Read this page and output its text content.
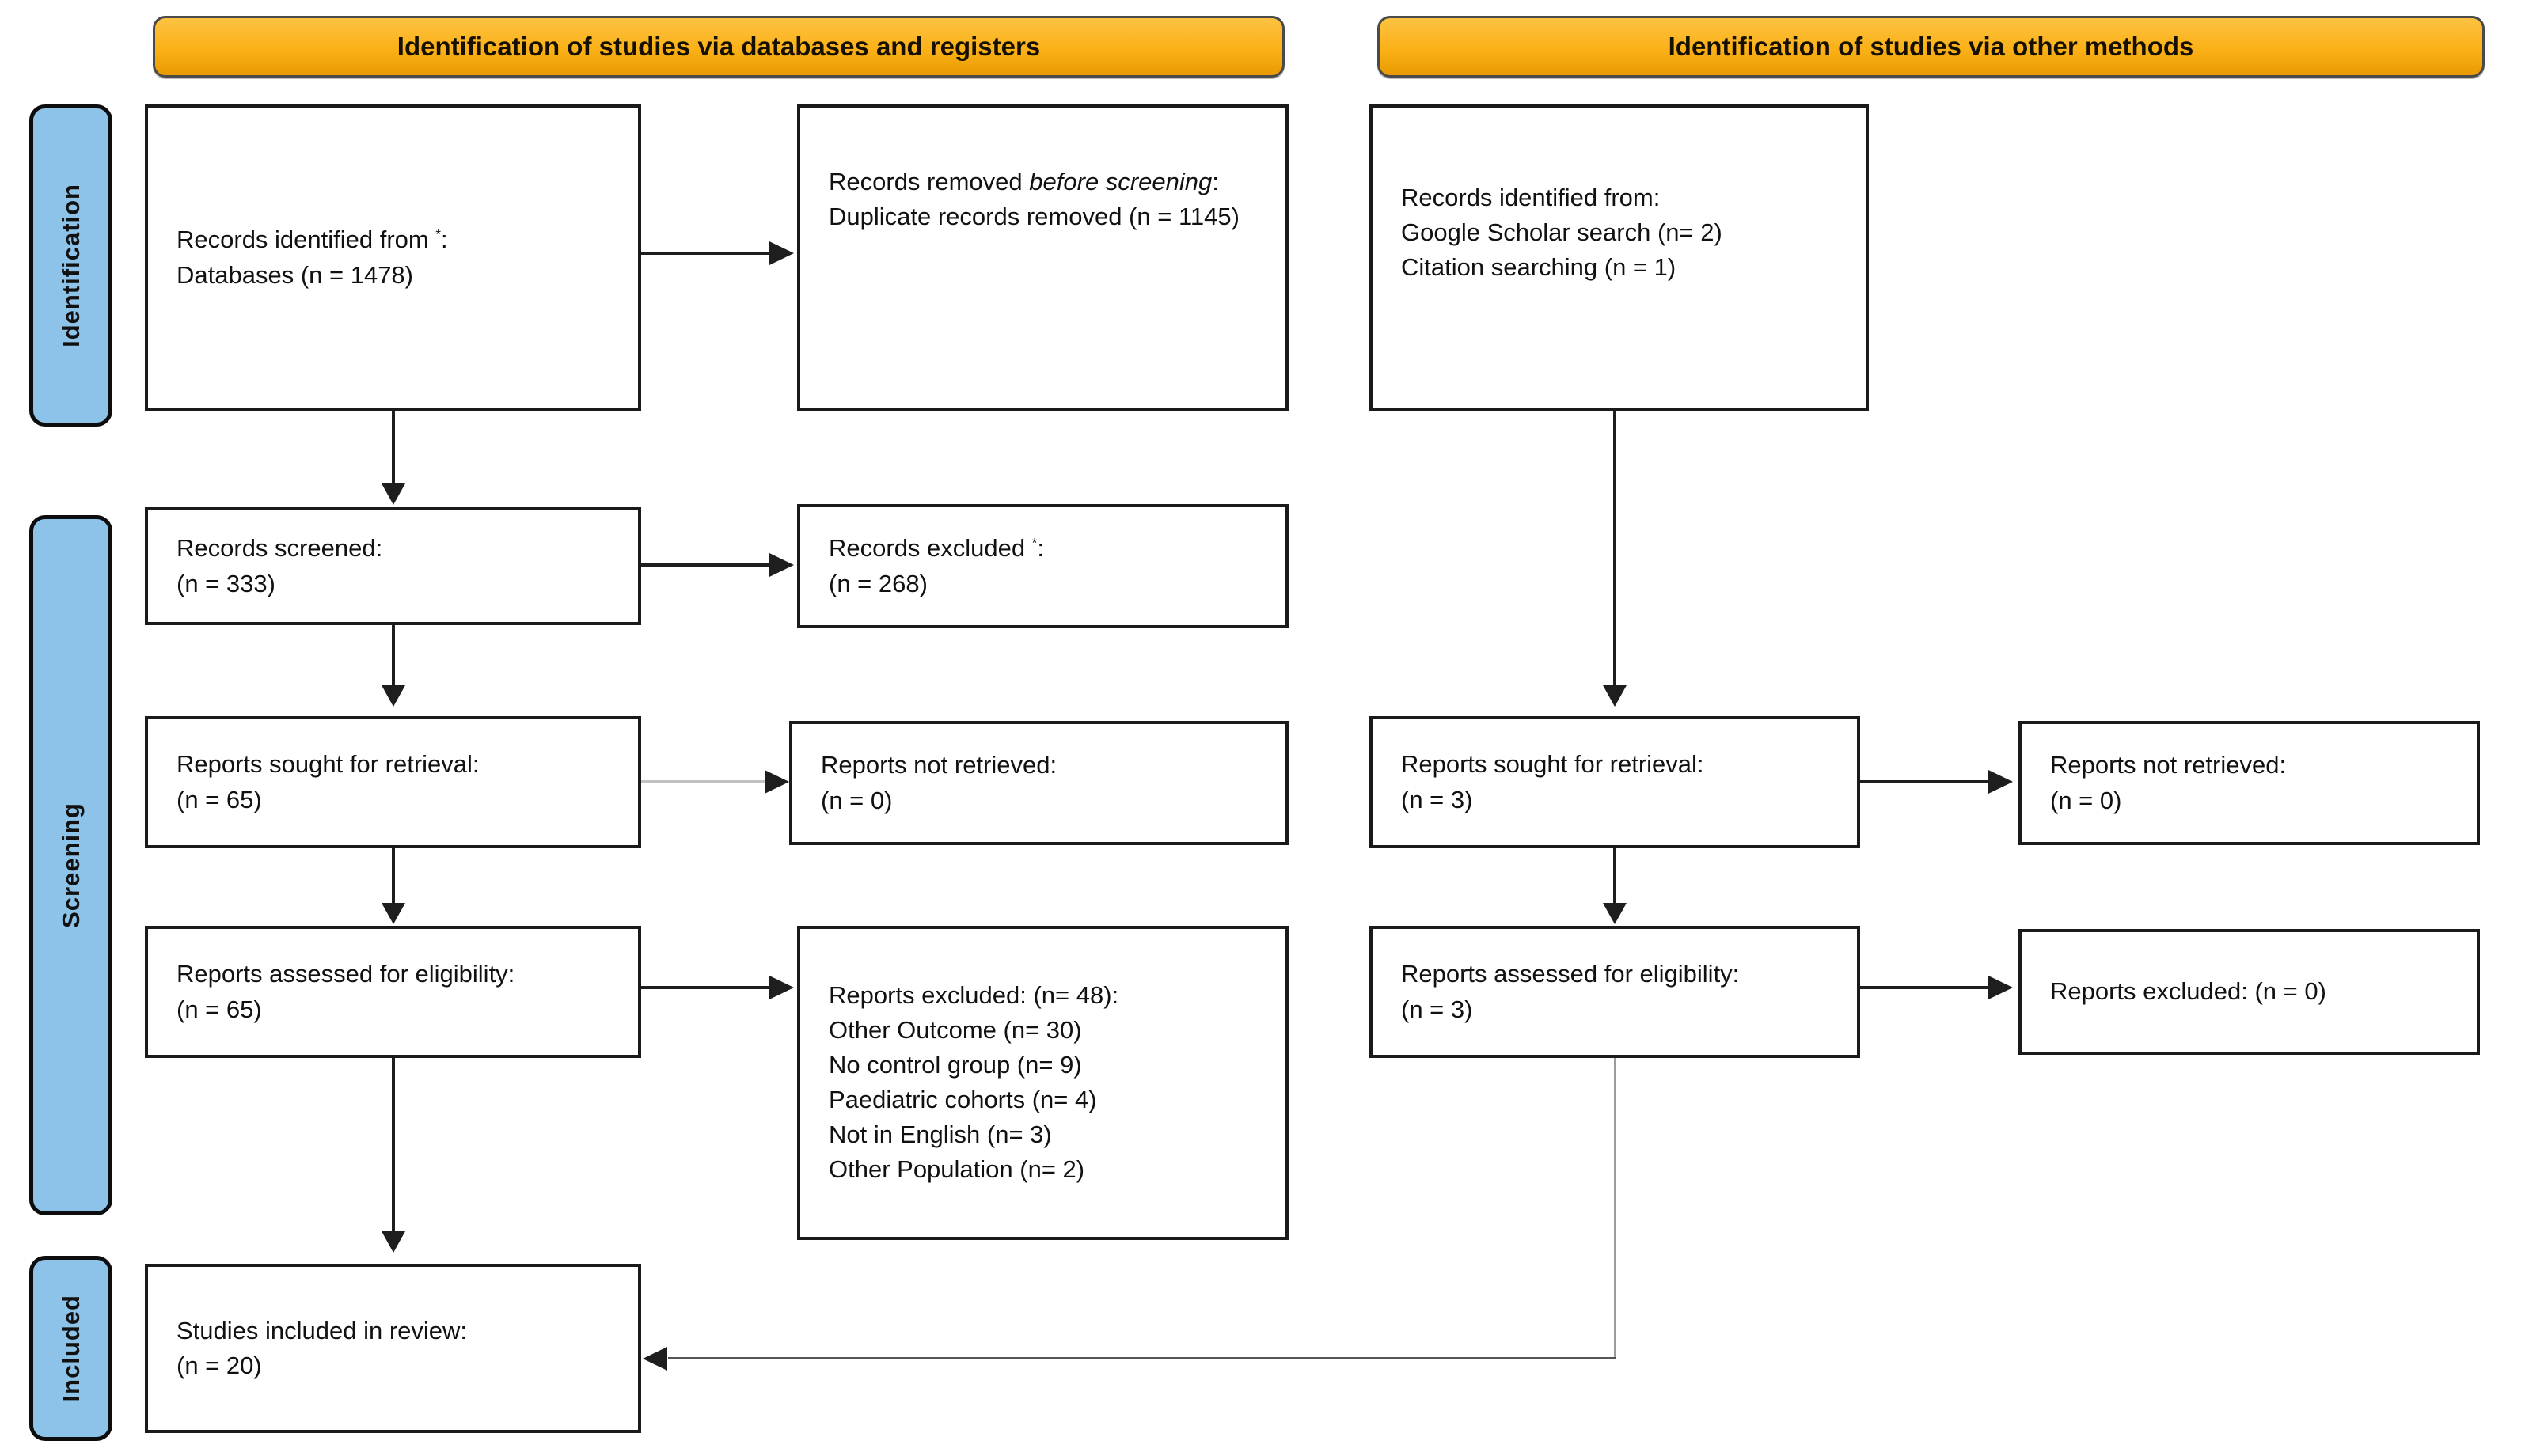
Identification of studies via databases and registers	Identification of studies via other methods
Identification
Screening
Included
Records identified from *:
Databases (n = 1478)
Records removed before screening:
Duplicate records removed (n = 1145)
Records identified from:
Google Scholar search (n= 2)
Citation searching (n = 1)
Records screened:
(n = 333)
Records excluded *:
(n = 268)
Reports sought for retrieval:
(n = 65)
Reports not retrieved:
(n = 0)
Reports sought for retrieval:
(n = 3)
Reports not retrieved:
(n = 0)
Reports assessed for eligibility:
(n = 65)	Reports excluded: (n= 48):
Other Outcome (n= 30)
No control group (n= 9)
Paediatric cohorts (n= 4)
Not in English (n= 3)
Other Population (n= 2)
Reports assessed for eligibility:
(n = 3)
Reports excluded: (n = 0)
Studies included in review:
(n = 20)
